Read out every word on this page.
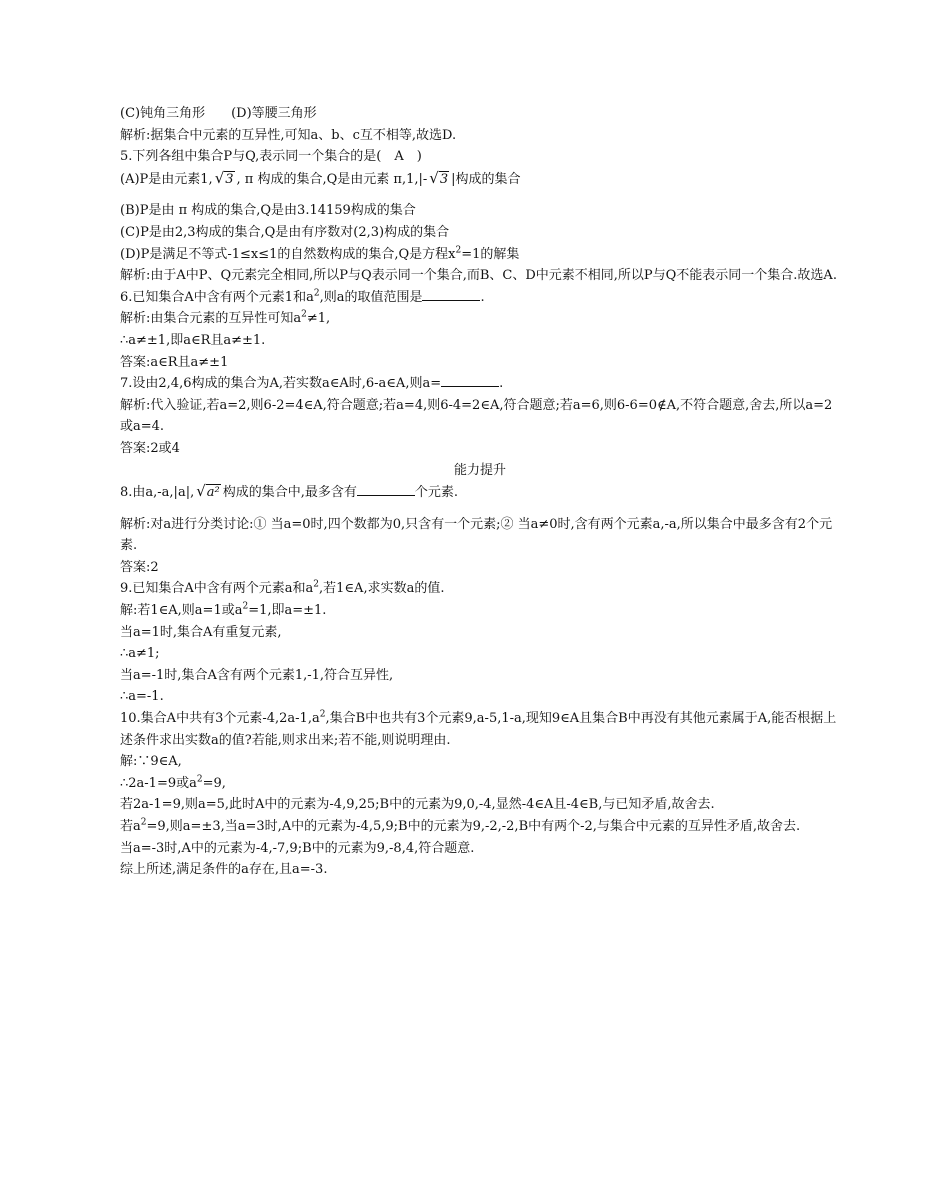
(C)钝角三角形　　(D)等腰三角形
解析:据集合中元素的互异性,可知a、b、c互不相等,故选D.
5.下列各组中集合P与Q,表示同一个集合的是(　A　)
(A)P是由元素1, √3 , π 构成的集合,Q是由元素 π,1,|- √3 |构成的集合
(B)P是由 π 构成的集合,Q是由3.14159构成的集合
(C)P是由2,3构成的集合,Q是由有序数对(2,3)构成的集合
(D)P是满足不等式-1≤x≤1的自然数构成的集合,Q是方程$x^2=1$的解集
解析:由于A中P、Q元素完全相同,所以P与Q表示同一个集合,而B、C、D中元素不相同,所以P与Q不能表示同一个集合.故选A.
6.已知集合A中含有两个元素1和$a^2$,则a的取值范围是	.
解析:由集合元素的互异性可知$a^2\ne 1$,
∴a≠±1,即a∈R且a≠±1.
答案:a∈R且a≠±1
7.设由2,4,6构成的集合为A,若实数a∈A时,6-a∈A,则a=	.
解析:代入验证,若a=2,则6-2=4∈A,符合题意;若a=4,则6-4=2∈A,符合题意;若a=6,则6-6=0∉A,不符合题意,舍去,所以a=2或a=4.
答案:2或4
能力提升
8.由a,-a,|a|, √a² 构成的集合中,最多含有	个元素.
解析:对a进行分类讨论:① 当a=0时,四个数都为0,只含有一个元素;② 当a≠0时,含有两个元素a,-a,所以集合中最多含有2个元素.
答案:2
9.已知集合A中含有两个元素a和$a^2$,若1∈A,求实数a的值.
解:若1∈A,则a=1或$a^2=1$,即a=±1.
当a=1时,集合A有重复元素,
∴a≠1;
当a=-1时,集合A含有两个元素1,-1,符合互异性,
∴a=-1.
10.集合A中共有3个元素$-4,2a-1,a^2$,集合B中也共有3个元素9,a-5,1-a,现知9∈A且集合B中再没有其他元素属于A,能否根据上述条件求出实数a的值?若能,则求出来;若不能,则说明理由.
解:∵9∈A,
∴2a-1=9或$a^2=9$,
若2a-1=9,则a=5,此时A中的元素为-4,9,25;B中的元素为9,0,-4,显然-4∈A且-4∈B,与已知矛盾,故舍去.
若$a^2=9$,则a=±3,当a=3时,A中的元素为-4,5,9;B中的元素为9,-2,-2,B中有两个-2,与集合中元素的互异性矛盾,故舍去.
当a=-3时,A中的元素为-4,-7,9;B中的元素为9,-8,4,符合题意.
综上所述,满足条件的a存在,且a=-3.
